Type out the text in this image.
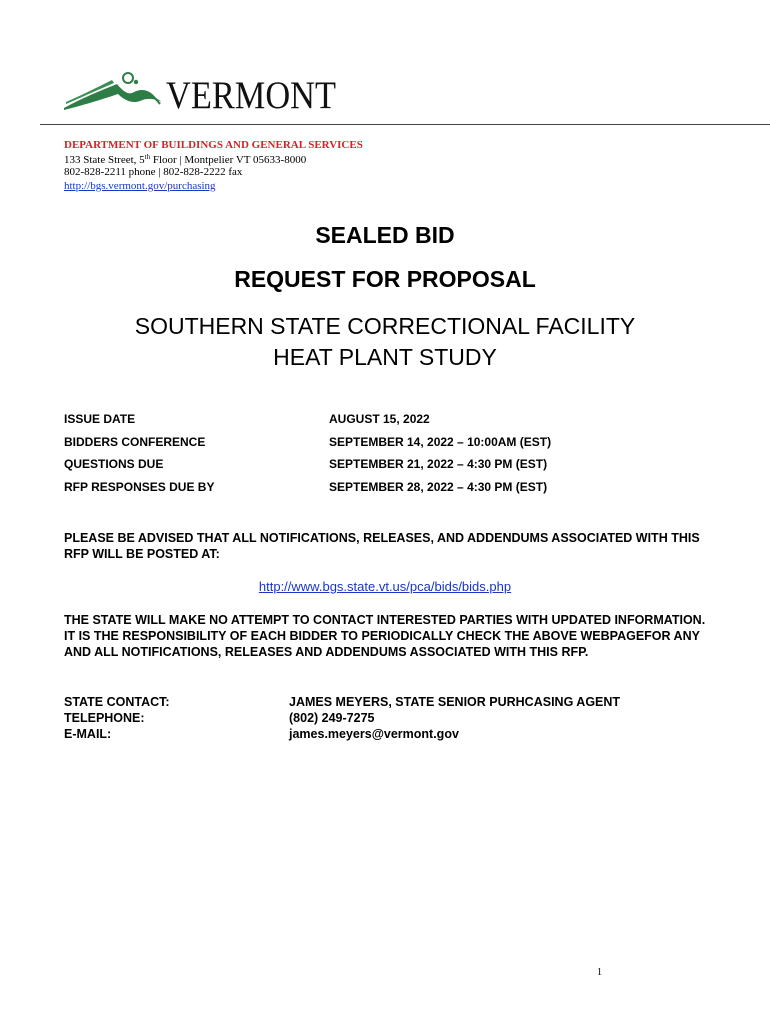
VERMONT
DEPARTMENT OF BUILDINGS AND GENERAL SERVICES
133 State Street, 5th Floor | Montpelier VT 05633-8000
802-828-2211 phone | 802-828-2222 fax
http://bgs.vermont.gov/purchasing
SEALED BID
REQUEST FOR PROPOSAL
SOUTHERN STATE CORRECTIONAL FACILITY
HEAT PLANT STUDY
ISSUE DATE	AUGUST 15, 2022
BIDDERS CONFERENCE	SEPTEMBER 14, 2022 – 10:00AM (EST)
QUESTIONS DUE	SEPTEMBER 21, 2022 – 4:30 PM (EST)
RFP RESPONSES DUE BY	SEPTEMBER 28, 2022 – 4:30 PM (EST)
PLEASE BE ADVISED THAT ALL NOTIFICATIONS, RELEASES, AND ADDENDUMS ASSOCIATED WITH THIS RFP WILL BE POSTED AT:
http://www.bgs.state.vt.us/pca/bids/bids.php
THE STATE WILL MAKE NO ATTEMPT TO CONTACT INTERESTED PARTIES WITH UPDATED INFORMATION. IT IS THE RESPONSIBILITY OF EACH BIDDER TO PERIODICALLY CHECK THE ABOVE WEBPAGEFOR ANY AND ALL NOTIFICATIONS, RELEASES AND ADDENDUMS ASSOCIATED WITH THIS RFP.
STATE CONTACT:	JAMES MEYERS, STATE SENIOR PURHCASING AGENT
TELEPHONE:	(802) 249-7275
E-MAIL:	james.meyers@vermont.gov
1
